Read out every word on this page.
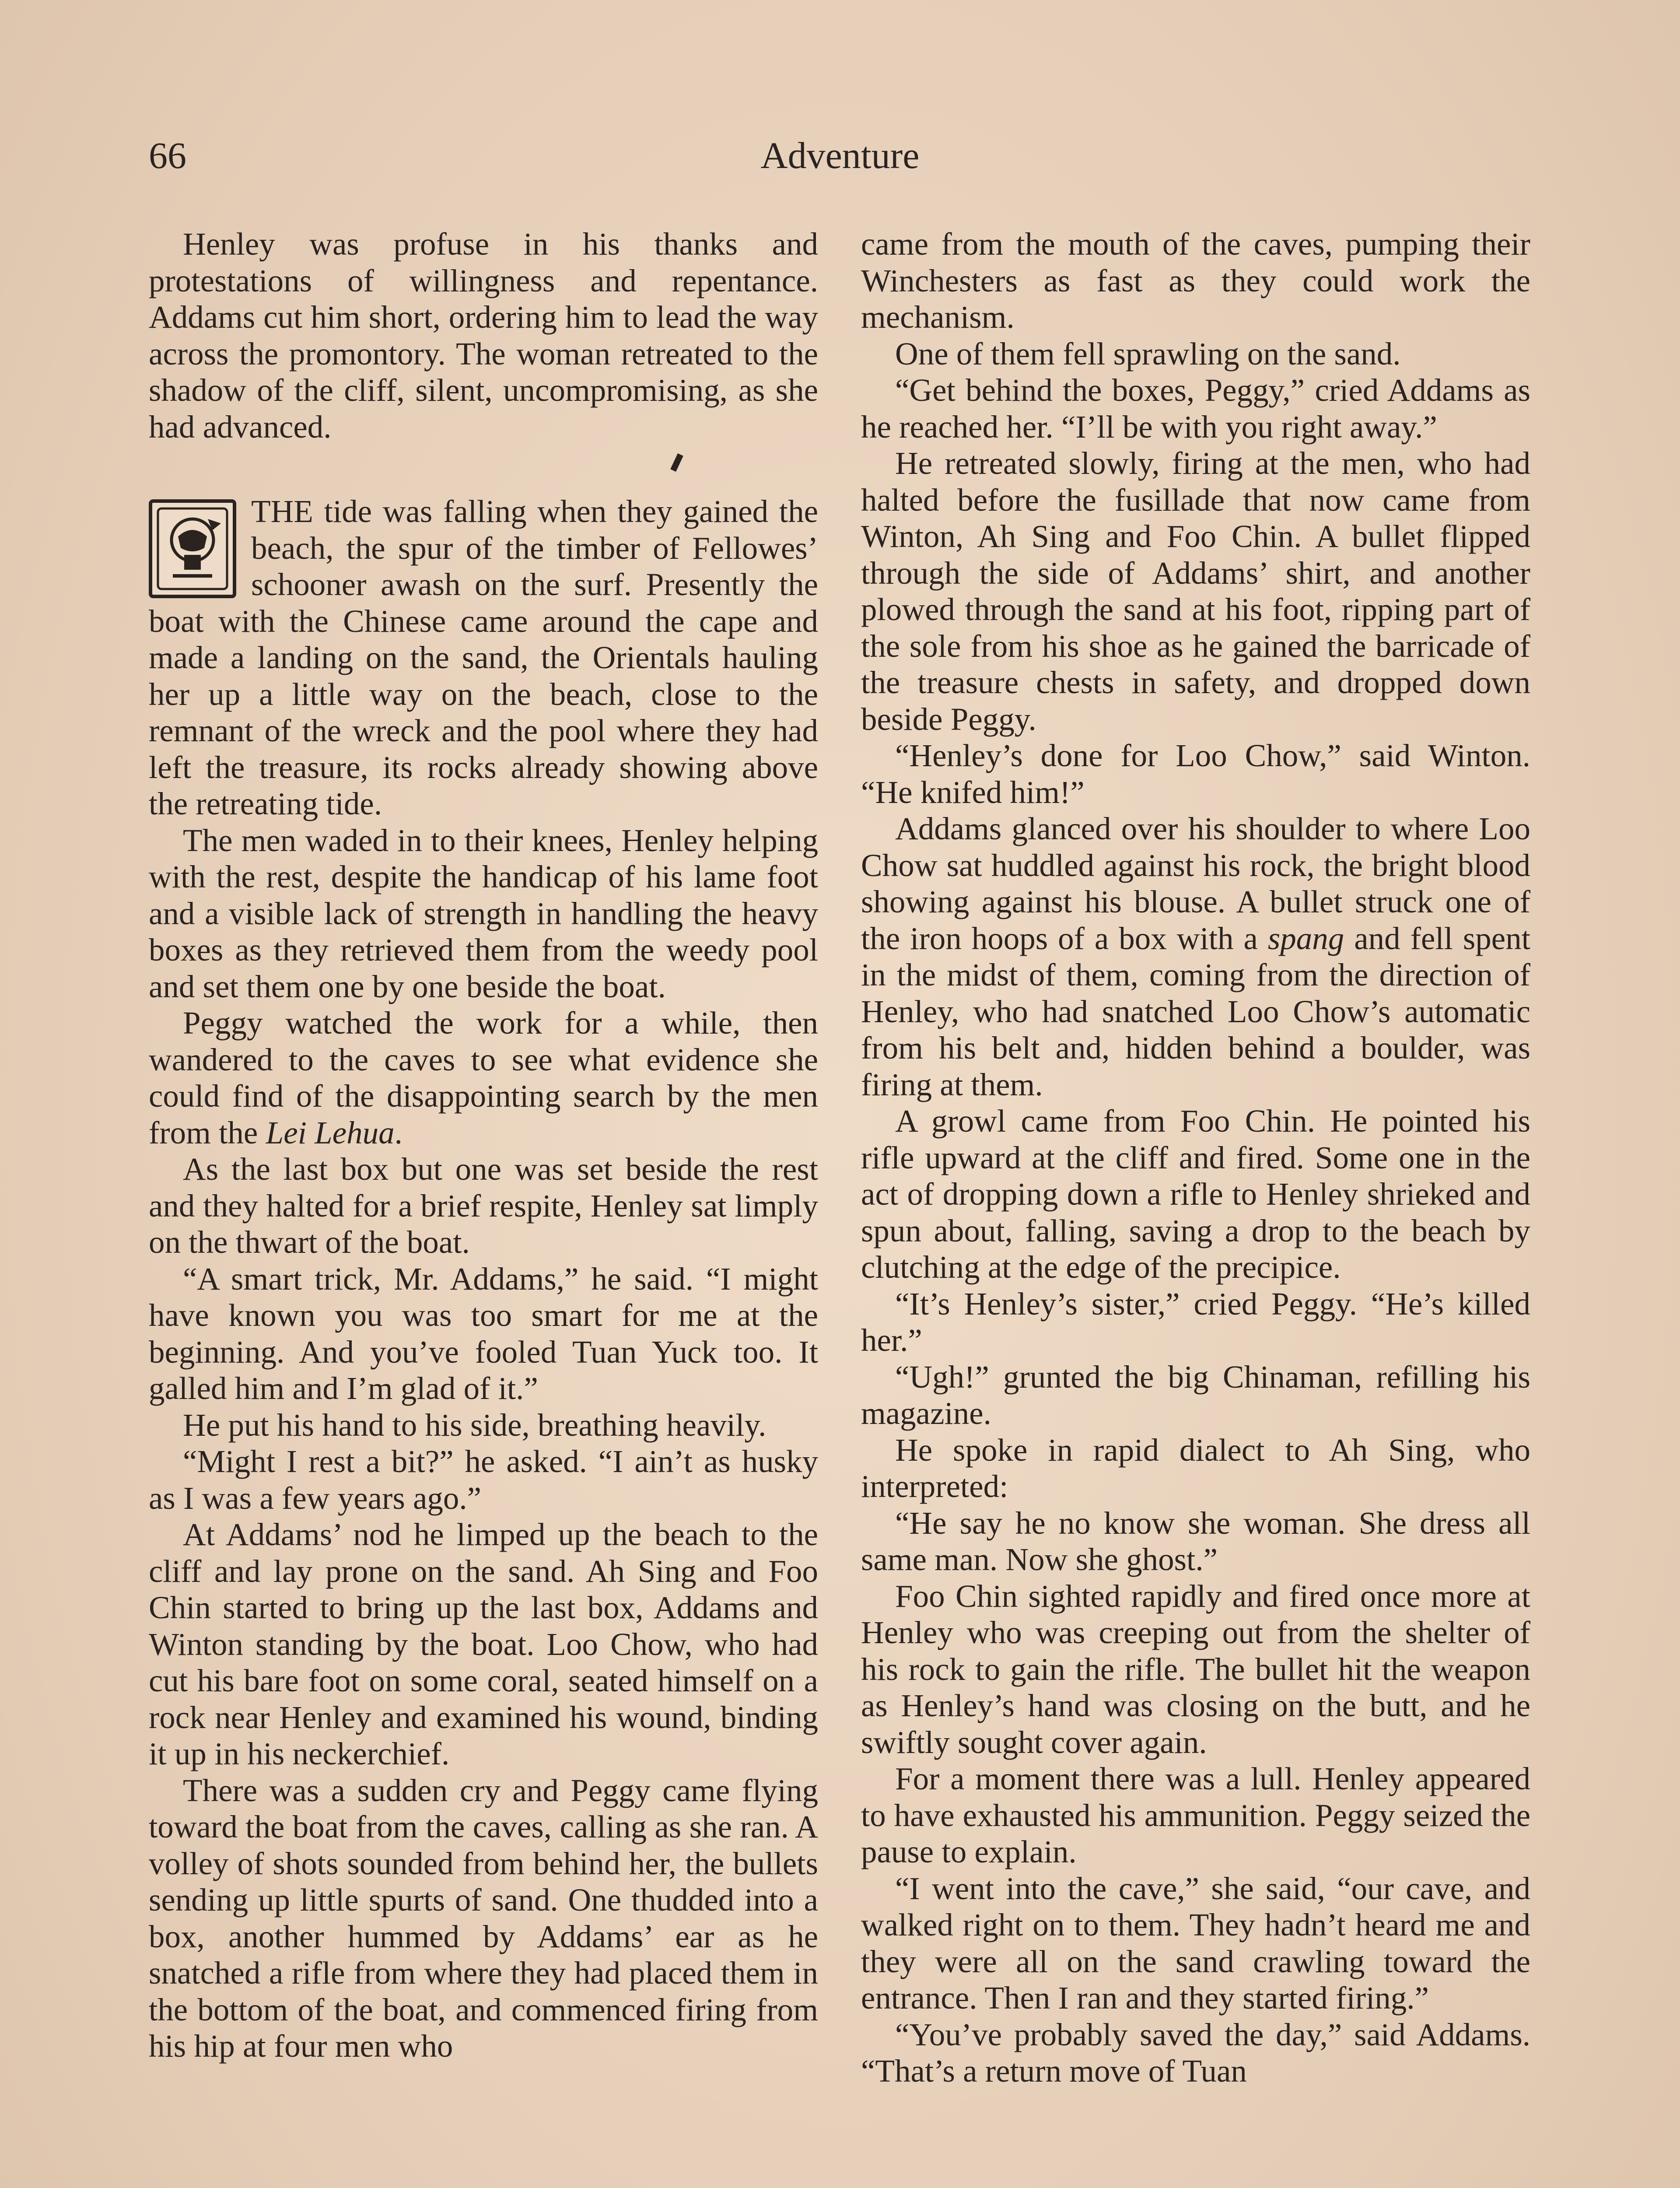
66	Adventure

Henley was profuse in his thanks and protestations of willingness and repentance. Addams cut him short, ordering him to lead the way across the promontory. The woman retreated to the shadow of the cliff, silent, uncompromising, as she had advanced.

THE tide was falling when they gained the beach, the spur of the timber of Fellowes’ schooner awash on the surf. Presently the boat with the Chinese came around the cape and made a landing on the sand, the Orientals hauling her up a little way on the beach, close to the remnant of the wreck and the pool where they had left the treasure, its rocks already showing above the retreating tide.

The men waded in to their knees, Henley helping with the rest, despite the handicap of his lame foot and a visible lack of strength in handling the heavy boxes as they retrieved them from the weedy pool and set them one by one beside the boat.

Peggy watched the work for a while, then wandered to the caves to see what evidence she could find of the disappointing search by the men from the Lei Lehua.

As the last box but one was set beside the rest and they halted for a brief respite, Henley sat limply on the thwart of the boat.

“A smart trick, Mr. Addams,” he said. “I might have known you was too smart for me at the beginning. And you’ve fooled Tuan Yuck too. It galled him and I’m glad of it.”

He put his hand to his side, breathing heavily.

“Might I rest a bit?” he asked. “I ain’t as husky as I was a few years ago.”

At Addams’ nod he limped up the beach to the cliff and lay prone on the sand. Ah Sing and Foo Chin started to bring up the last box, Addams and Winton standing by the boat. Loo Chow, who had cut his bare foot on some coral, seated himself on a rock near Henley and examined his wound, binding it up in his neckerchief.

There was a sudden cry and Peggy came flying toward the boat from the caves, calling as she ran. A volley of shots sounded from behind her, the bullets sending up little spurts of sand. One thudded into a box, another hummed by Addams’ ear as he snatched a rifle from where they had placed them in the bottom of the boat, and commenced firing from his hip at four men who

came from the mouth of the caves, pumping their Winchesters as fast as they could work the mechanism.

One of them fell sprawling on the sand.

“Get behind the boxes, Peggy,” cried Addams as he reached her. “I’ll be with you right away.”

He retreated slowly, firing at the men, who had halted before the fusillade that now came from Winton, Ah Sing and Foo Chin. A bullet flipped through the side of Addams’ shirt, and another plowed through the sand at his foot, ripping part of the sole from his shoe as he gained the barricade of the treasure chests in safety, and dropped down beside Peggy.

“Henley’s done for Loo Chow,” said Winton. “He knifed him!”

Addams glanced over his shoulder to where Loo Chow sat huddled against his rock, the bright blood showing against his blouse. A bullet struck one of the iron hoops of a box with a spang and fell spent in the midst of them, coming from the direction of Henley, who had snatched Loo Chow’s automatic from his belt and, hidden behind a boulder, was firing at them.

A growl came from Foo Chin. He pointed his rifle upward at the cliff and fired. Some one in the act of dropping down a rifle to Henley shrieked and spun about, falling, saving a drop to the beach by clutching at the edge of the precipice.

“It’s Henley’s sister,” cried Peggy. “He’s killed her.”

“Ugh!” grunted the big Chinaman, refilling his magazine.

He spoke in rapid dialect to Ah Sing, who interpreted:

“He say he no know she woman. She dress all same man. Now she ghost.”

Foo Chin sighted rapidly and fired once more at Henley who was creeping out from the shelter of his rock to gain the rifle. The bullet hit the weapon as Henley’s hand was closing on the butt, and he swiftly sought cover again.

For a moment there was a lull. Henley appeared to have exhausted his ammunition. Peggy seized the pause to explain.

“I went into the cave,” she said, “our cave, and walked right on to them. They hadn’t heard me and they were all on the sand crawling toward the entrance. Then I ran and they started firing.”

“You’ve probably saved the day,” said Addams. “That’s a return move of Tuan
